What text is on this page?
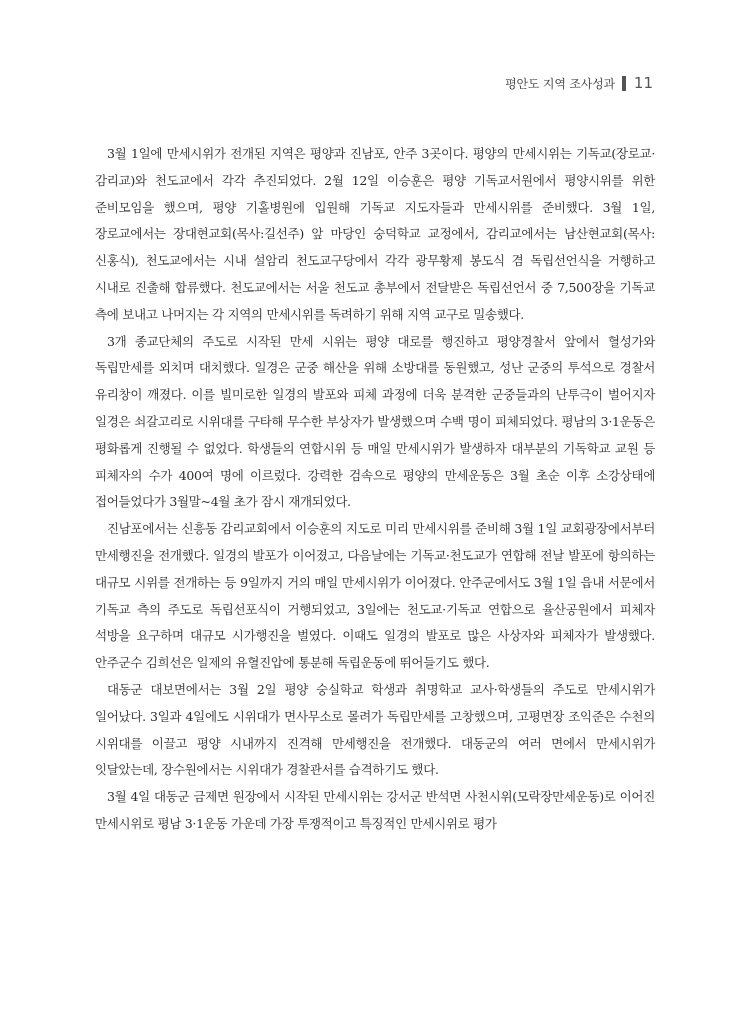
평안도 지역 조사성과 11

3월 1일에 만세시위가 전개된 지역은 평양과 진남포, 안주 3곳이다. 평양의 만세시위는 기독교(장로교·감리교)와 천도교에서 각각 추진되었다. 2월 12일 이승훈은 평양 기독교서원에서 평양시위를 위한 준비모임을 했으며, 평양 기홀병원에 입원해 기독교 지도자들과 만세시위를 준비했다. 3월 1일, 장로교에서는 장대현교회(목사:길선주) 앞 마당인 숭덕학교 교정에서, 감리교에서는 남산현교회(목사:신홍식), 천도교에서는 시내 설암리 천도교구당에서 각각 광무황제 봉도식 겸 독립선언식을 거행하고 시내로 진출해 합류했다. 천도교에서는 서울 천도교 총부에서 전달받은 독립선언서 중 7,500장을 기독교 측에 보내고 나머지는 각 지역의 만세시위를 독려하기 위해 지역 교구로 밀송했다.

3개 종교단체의 주도로 시작된 만세 시위는 평양 대로를 행진하고 평양경찰서 앞에서 혈성가와 독립만세를 외치며 대치했다. 일경은 군중 해산을 위해 소방대를 동원했고, 성난 군중의 투석으로 경찰서 유리창이 깨졌다. 이를 빌미로한 일경의 발포와 피체 과정에 더욱 분격한 군중들과의 난투극이 벌어지자 일경은 쇠갈고리로 시위대를 구타해 무수한 부상자가 발생했으며 수백 명이 피체되었다. 평남의 3·1운동은 평화롭게 진행될 수 없었다. 학생들의 연합시위 등 매일 만세시위가 발생하자 대부분의 기독학교 교원 등 피체자의 수가 400여 명에 이르렀다. 강력한 검속으로 평양의 만세운동은 3월 초순 이후 소강상태에 접어들었다가 3월말~4월 초가 잠시 재개되었다.

진남포에서는 신흥동 감리교회에서 이승훈의 지도로 미리 만세시위를 준비해 3월 1일 교회광장에서부터 만세행진을 전개했다. 일경의 발포가 이어졌고, 다음날에는 기독교·천도교가 연합해 전날 발포에 항의하는 대규모 시위를 전개하는 등 9일까지 거의 매일 만세시위가 이어졌다. 안주군에서도 3월 1일 읍내 서문에서 기독교 측의 주도로 독립선포식이 거행되었고, 3일에는 천도교·기독교 연합으로 율산공원에서 피체자 석방을 요구하며 대규모 시가행진을 벌였다. 이때도 일경의 발포로 많은 사상자와 피체자가 발생했다. 안주군수 김희선은 일제의 유혈진압에 통분해 독립운동에 뛰어들기도 했다.

대동군 대보면에서는 3월 2일 평양 숭실학교 학생과 취명학교 교사·학생들의 주도로 만세시위가 일어났다. 3일과 4일에도 시위대가 면사무소로 몰려가 독립만세를 고창했으며, 고평면장 조익준은 수천의 시위대를 이끌고 평양 시내까지 진격해 만세행진을 전개했다. 대동군의 여러 면에서 만세시위가 잇달았는데, 장수원에서는 시위대가 경찰관서를 습격하기도 했다.

3월 4일 대동군 금제면 원장에서 시작된 만세시위는 강서군 반석면 사천시위(모락장만세운동)로 이어진 만세시위로 평남 3·1운동 가운데 가장 투쟁적이고 특징적인 만세시위로 평가
